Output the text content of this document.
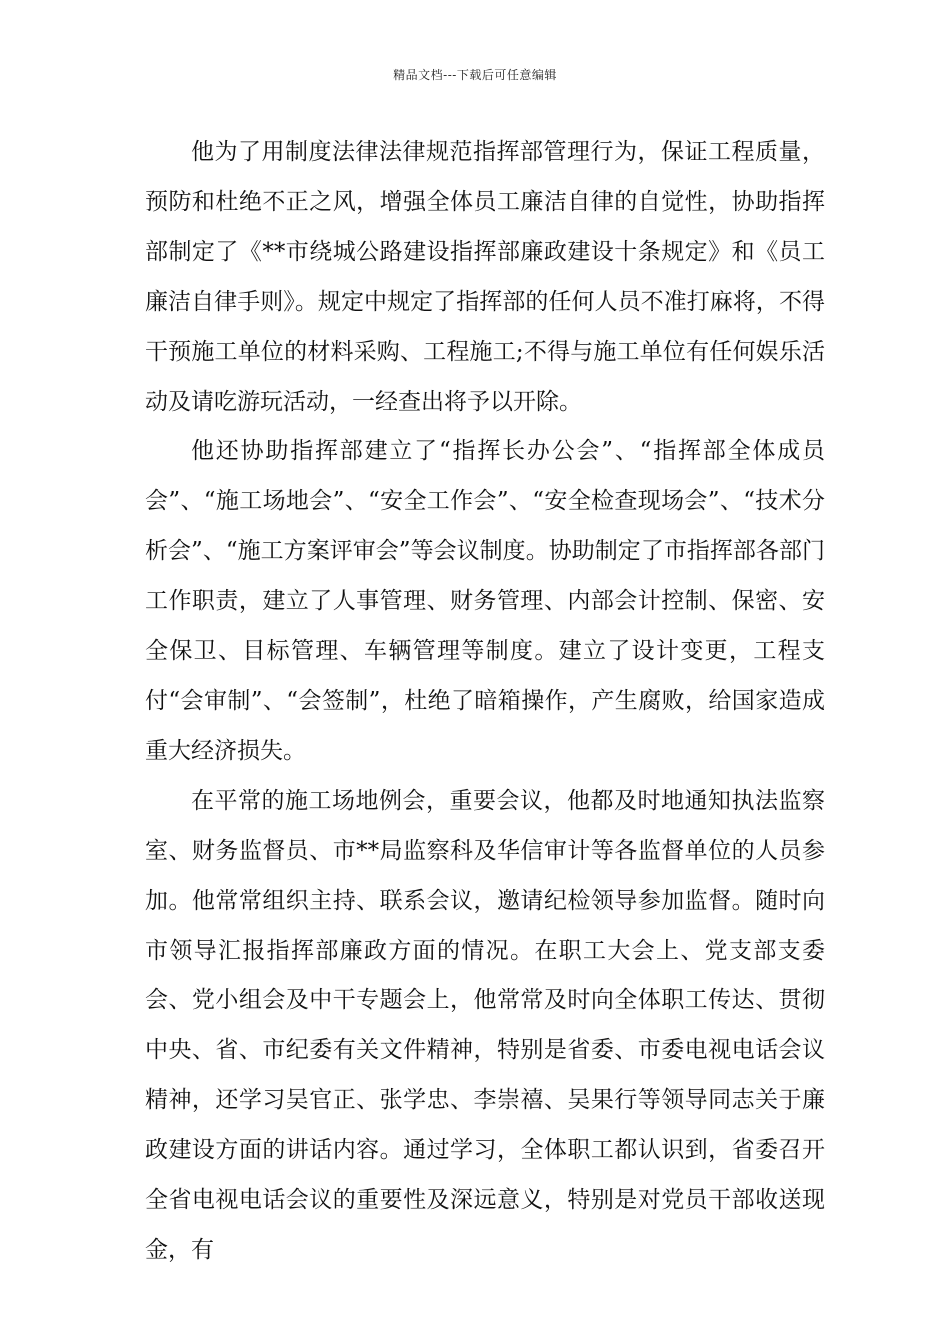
精品文档---下载后可任意编辑

他为了用制度法律法律规范指挥部管理行为，保证工程质量，预防和杜绝不正之风，增强全体员工廉洁自律的自觉性，协助指挥部制定了《**市绕城公路建设指挥部廉政建设十条规定》和《员工廉洁自律手则》。规定中规定了指挥部的任何人员不准打麻将，不得干预施工单位的材料采购、工程施工;不得与施工单位有任何娱乐活动及请吃游玩活动，一经查出将予以开除。

他还协助指挥部建立了“指挥长办公会”、“指挥部全体成员会”、“施工场地会”、“安全工作会”、“安全检查现场会”、“技术分析会”、“施工方案评审会”等会议制度。协助制定了市指挥部各部门工作职责，建立了人事管理、财务管理、内部会计控制、保密、安全保卫、目标管理、车辆管理等制度。建立了设计变更，工程支付“会审制”、“会签制”，杜绝了暗箱操作，产生腐败，给国家造成重大经济损失。

在平常的施工场地例会，重要会议，他都及时地通知执法监察室、财务监督员、市**局监察科及华信审计等各监督单位的人员参加。他常常组织主持、联系会议，邀请纪检领导参加监督。随时向市领导汇报指挥部廉政方面的情况。在职工大会上、党支部支委会、党小组会及中干专题会上，他常常及时向全体职工传达、贯彻中央、省、市纪委有关文件精神，特别是省委、市委电视电话会议精神，还学习吴官正、张学忠、李崇禧、吴果行等领导同志关于廉政建设方面的讲话内容。通过学习，全体职工都认识到，省委召开全省电视电话会议的重要性及深远意义，特别是对党员干部收送现金，有
